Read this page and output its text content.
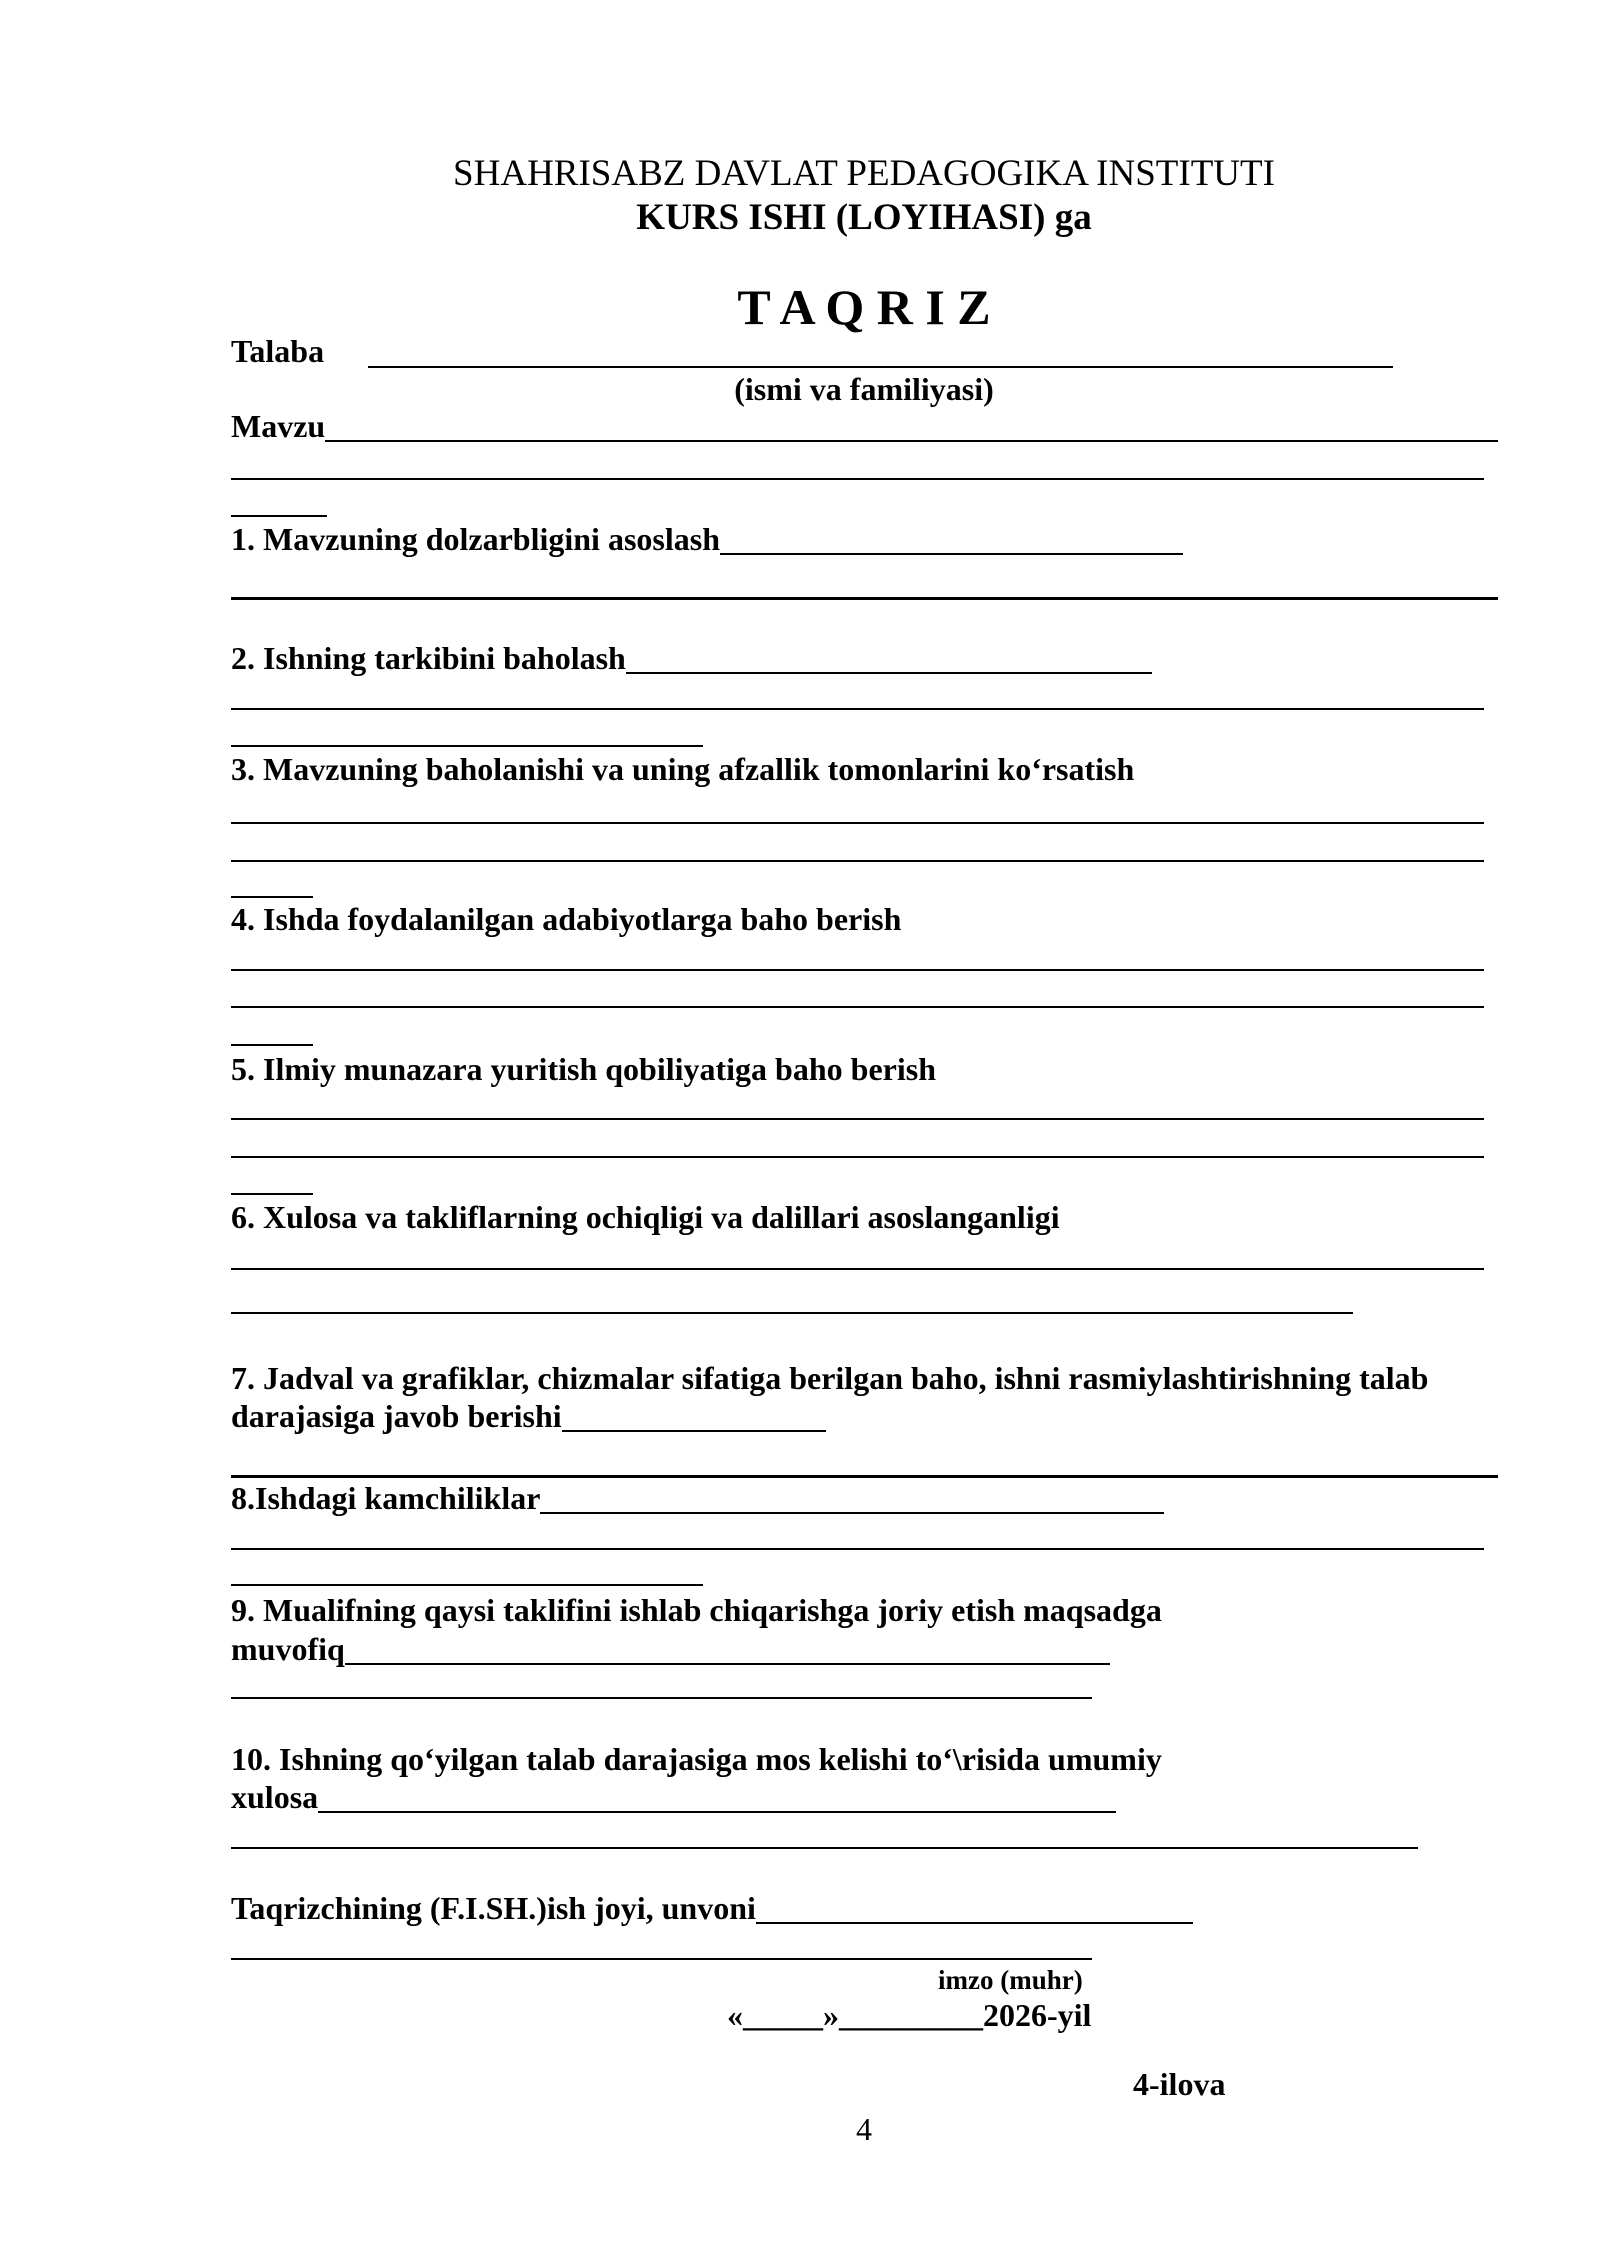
SHAHRISABZ DAVLAT PEDAGOGIKA INSTITUTI
KURS ISHI (LOYIHASI) ga
T A Q R I Z
Talaba
(ismi va familiyasi)
Mavzu
1. Mavzuning dolzarbligini asoslash
2. Ishning tarkibini baholash
3. Mavzuning baholanishi va uning afzallik tomonlarini ko‘rsatish
4. Ishda foydalanilgan adabiyotlarga baho berish
5. Ilmiy munazara yuritish qobiliyatiga baho berish
6. Xulosa va takliflarning ochiqligi va dalillari asoslanganligi
7. Jadval va grafiklar, chizmalar sifatiga berilgan baho, ishni rasmiylashtirishning talab
darajasiga javob berishi
8.Ishdagi kamchiliklar
9. Mualifning qaysi taklifini ishlab chiqarishga joriy etish maqsadga
muvofiq
10. Ishning qo‘yilgan talab darajasiga mos kelishi to‘\risida umumiy
xulosa
Taqrizchining (F.I.SH.)ish joyi, unvoni
imzo (muhr)
«_____»_________2026-yil
4-ilova
4
